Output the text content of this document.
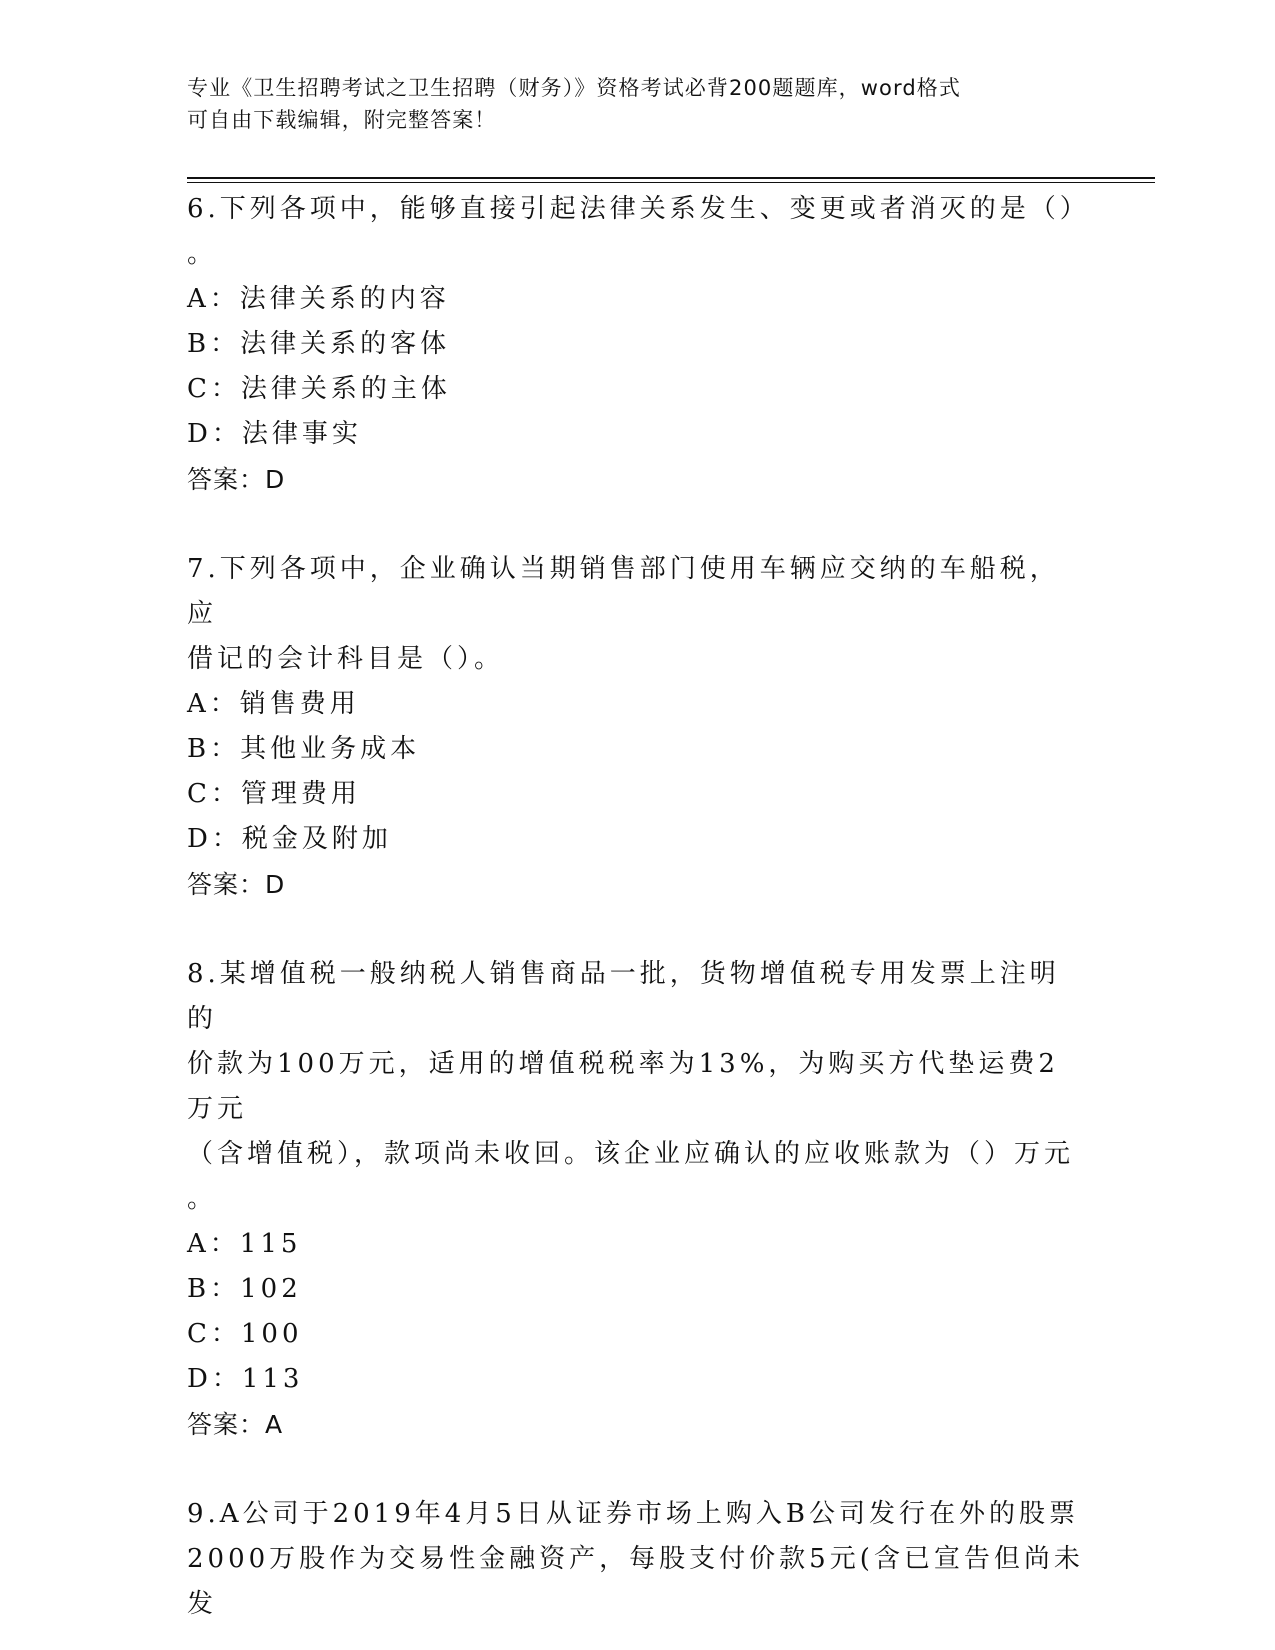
专业《卫生招聘考试之卫生招聘（财务）》资格考试必背200题题库，word格式
可自由下载编辑，附完整答案！
6.下列各项中，能够直接引起法律关系发生、变更或者消灭的是（）
。
A：法律关系的内容
B：法律关系的客体
C：法律关系的主体
D：法律事实
答案：D
7.下列各项中，企业确认当期销售部门使用车辆应交纳的车船税，应
借记的会计科目是（）。
A：销售费用
B：其他业务成本
C：管理费用
D：税金及附加
答案：D
8.某增值税一般纳税人销售商品一批，货物增值税专用发票上注明的
价款为100万元，适用的增值税税率为13%，为购买方代垫运费2万元
（含增值税），款项尚未收回。该企业应确认的应收账款为（）万元
。
A：115
B：102
C：100
D：113
答案：A
9.A公司于2019年4月5日从证券市场上购入B公司发行在外的股票
2000万股作为交易性金融资产，每股支付价款5元(含已宣告但尚未发
